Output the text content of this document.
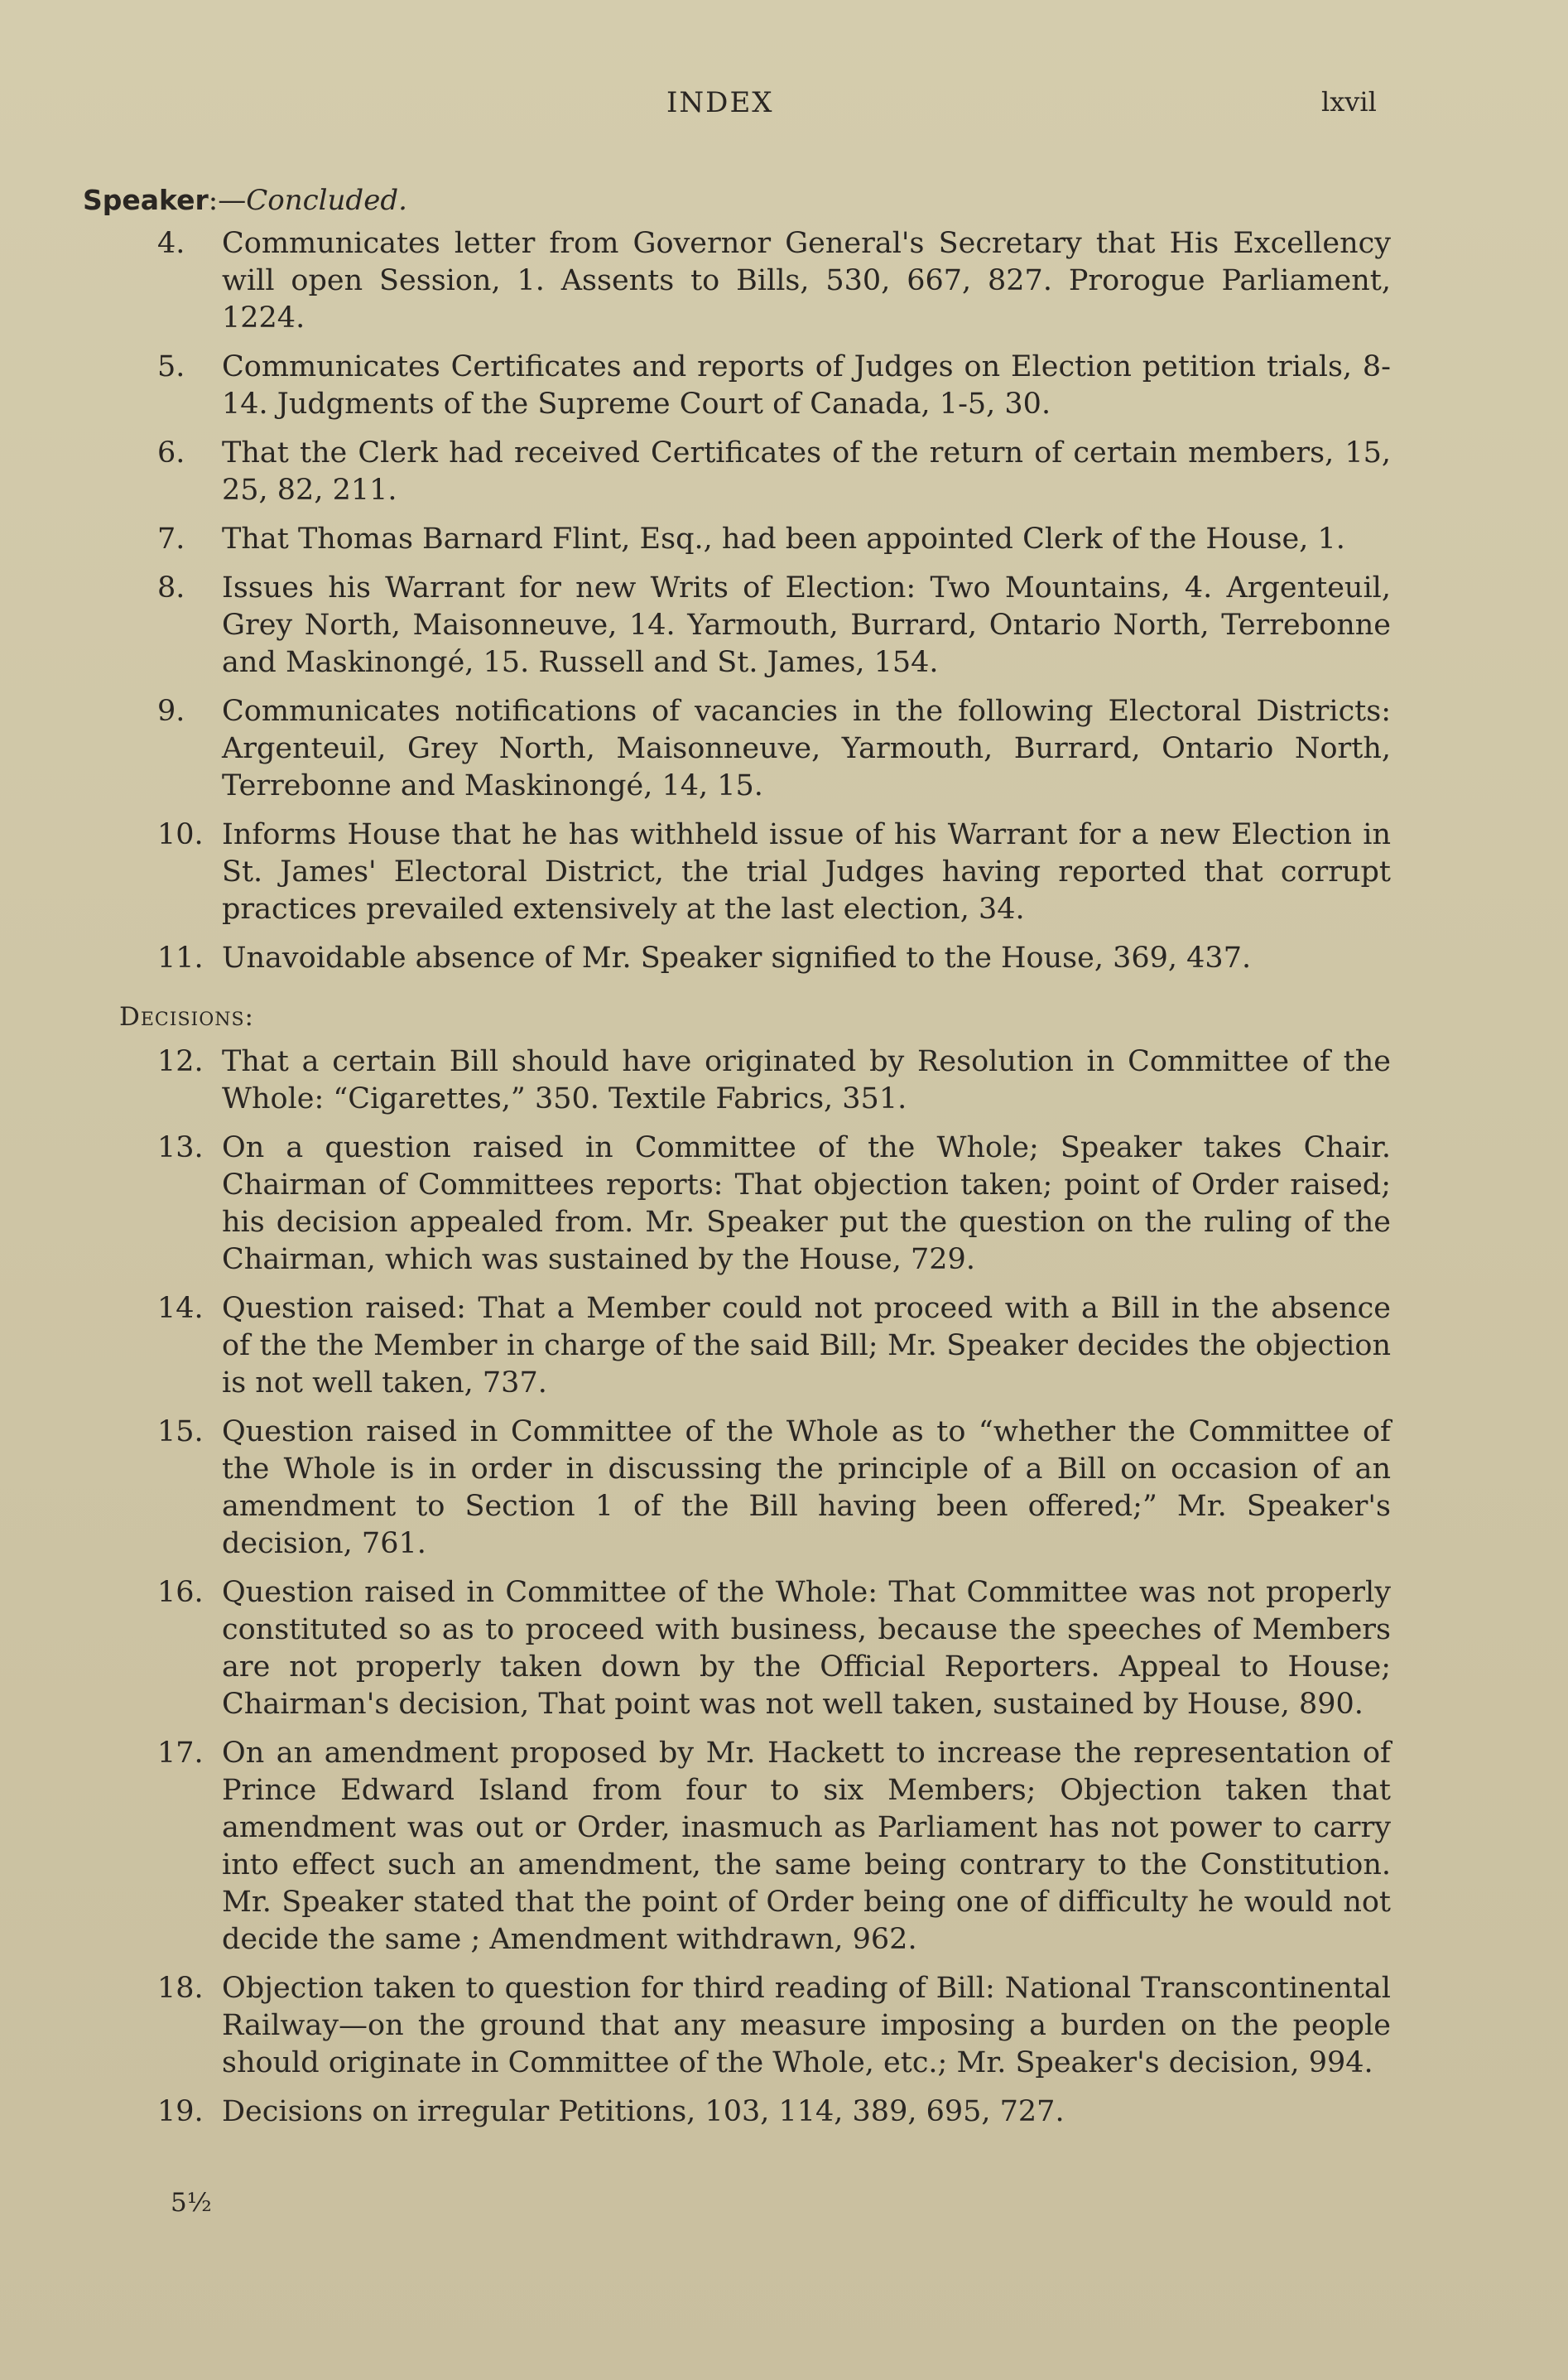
INDEX	lxvil
Speaker:—Concluded.
4. Communicates letter from Governor General's Secretary that His Excellency will open Session, 1. Assents to Bills, 530, 667, 827. Prorogue Parliament, 1224.
5. Communicates Certificates and reports of Judges on Election petition trials, 8-14. Judgments of the Supreme Court of Canada, 1-5, 30.
6. That the Clerk had received Certificates of the return of certain members, 15, 25, 82, 211.
7. That Thomas Barnard Flint, Esq., had been appointed Clerk of the House, 1.
8. Issues his Warrant for new Writs of Election: Two Mountains, 4. Argenteuil, Grey North, Maisonneuve, 14. Yarmouth, Burrard, Ontario North, Terrebonne and Maskinongé, 15. Russell and St. James, 154.
9. Communicates notifications of vacancies in the following Electoral Districts: Argenteuil, Grey North, Maisonneuve, Yarmouth, Burrard, Ontario North, Terrebonne and Maskinongé, 14, 15.
10. Informs House that he has withheld issue of his Warrant for a new Election in St. James' Electoral District, the trial Judges having reported that corrupt practices prevailed extensively at the last election, 34.
11. Unavoidable absence of Mr. Speaker signified to the House, 369, 437.
Decisions:
12. That a certain Bill should have originated by Resolution in Committee of the Whole: “Cigarettes,” 350. Textile Fabrics, 351.
13. On a question raised in Committee of the Whole; Speaker takes Chair. Chairman of Committees reports: That objection taken; point of Order raised; his decision appealed from. Mr. Speaker put the question on the ruling of the Chairman, which was sustained by the House, 729.
14. Question raised: That a Member could not proceed with a Bill in the absence of the the Member in charge of the said Bill; Mr. Speaker decides the objection is not well taken, 737.
15. Question raised in Committee of the Whole as to “whether the Committee of the Whole is in order in discussing the principle of a Bill on occasion of an amendment to Section 1 of the Bill having been offered;” Mr. Speaker's decision, 761.
16. Question raised in Committee of the Whole: That Committee was not properly constituted so as to proceed with business, because the speeches of Members are not properly taken down by the Official Reporters. Appeal to House; Chairman's decision, That point was not well taken, sustained by House, 890.
17. On an amendment proposed by Mr. Hackett to increase the representation of Prince Edward Island from four to six Members; Objection taken that amendment was out or Order, inasmuch as Parliament has not power to carry into effect such an amendment, the same being contrary to the Constitution. Mr. Speaker stated that the point of Order being one of difficulty he would not decide the same ; Amendment withdrawn, 962.
18. Objection taken to question for third reading of Bill: National Transcontinental Railway—on the ground that any measure imposing a burden on the people should originate in Committee of the Whole, etc.; Mr. Speaker's decision, 994.
19. Decisions on irregular Petitions, 103, 114, 389, 695, 727.
5½
